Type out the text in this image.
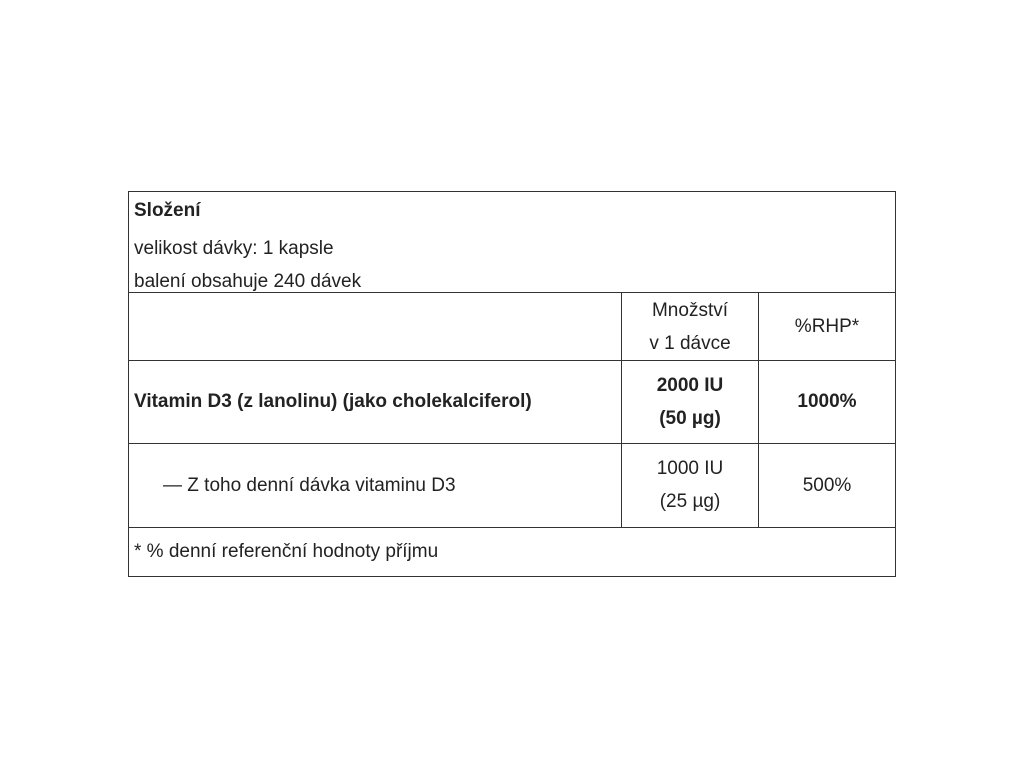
Složení
velikost dávky: 1 kapsle
balení obsahuje 240 dávek
Množství
v 1 dávce
%RHP*
Vitamin D3 (z lanolinu) (jako cholekalciferol)
2000 IU
(50 µg)
1000%
— Z toho denní dávka vitaminu D3
1000 IU
(25 µg)
500%
* % denní referenční hodnoty příjmu
